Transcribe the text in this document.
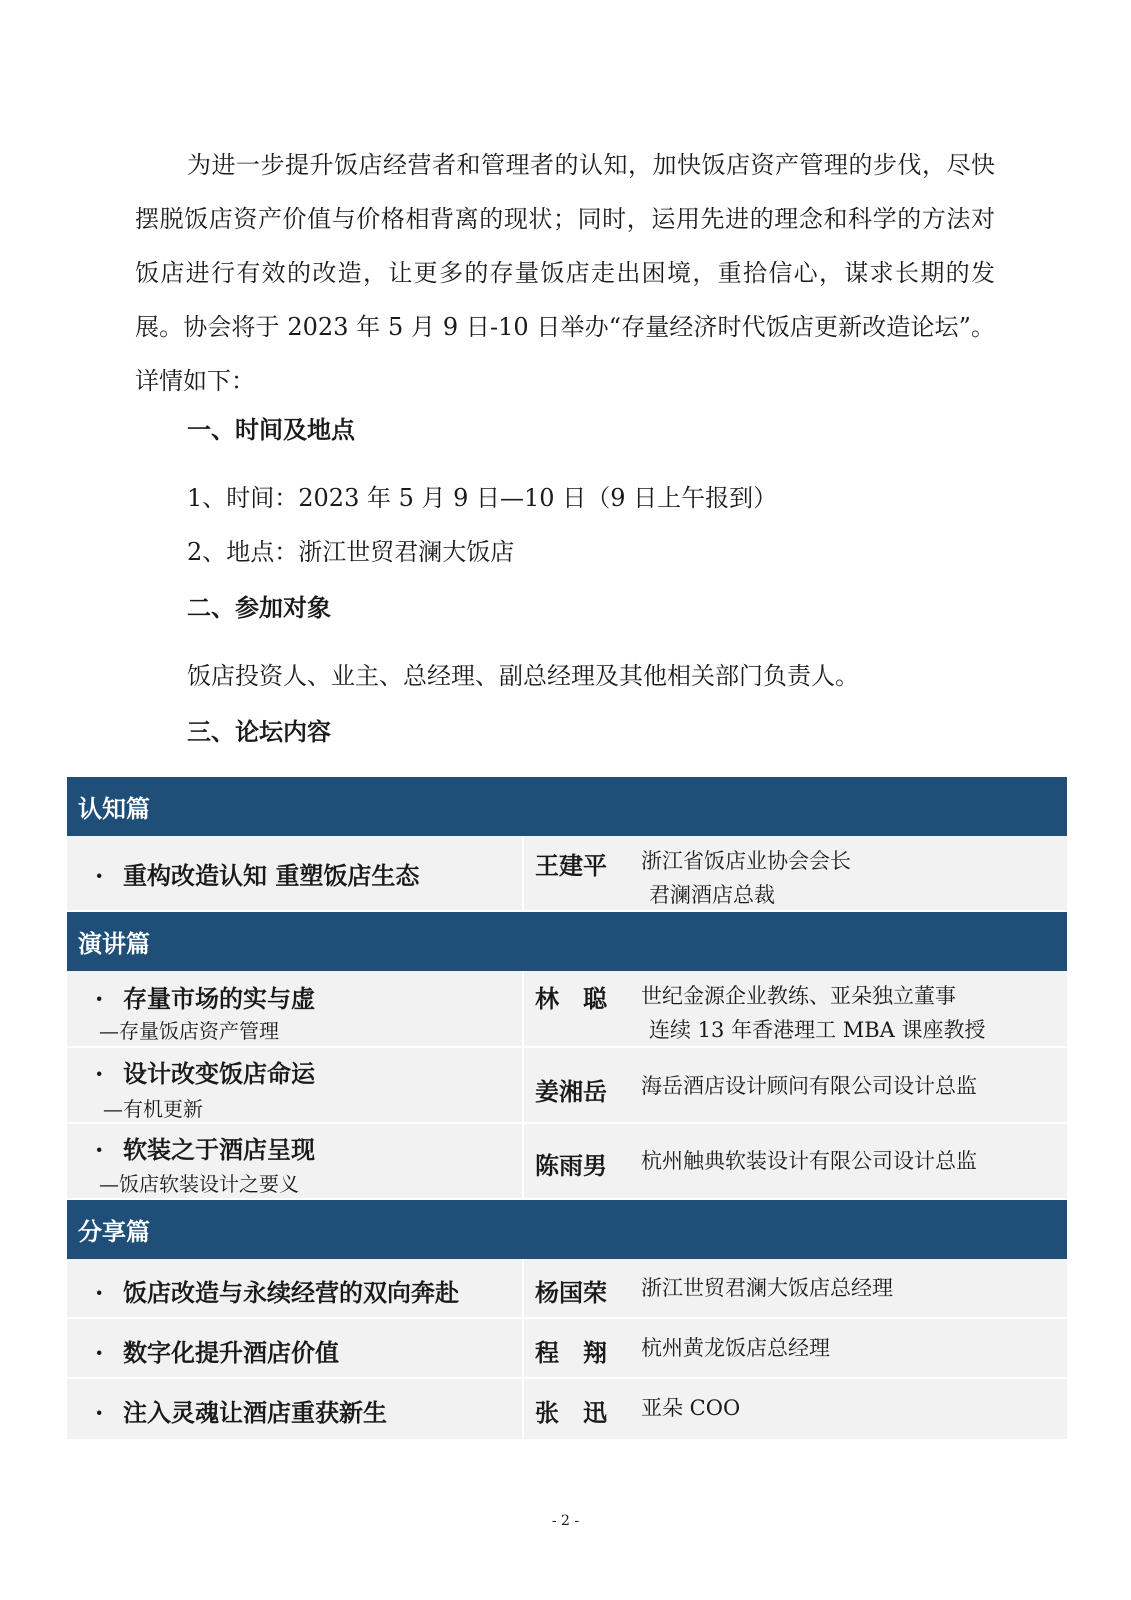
为进一步提升饭店经营者和管理者的认知，加快饭店资产管理的步伐，尽快摆脱饭店资产价值与价格相背离的现状；同时，运用先进的理念和科学的方法对饭店进行有效的改造，让更多的存量饭店走出困境，重拾信心，谋求长期的发展。协会将于 2023 年 5 月 9 日-10 日举办“存量经济时代饭店更新改造论坛”。详情如下：

一、时间及地点

1、时间：2023 年 5 月 9 日—10 日（9 日上午报到）

2、地点：浙江世贸君澜大饭店

二、参加对象

饭店投资人、业主、总经理、副总经理及其他相关部门负责人。

三、论坛内容

认知篇
· 重构改造认知 重塑饭店生态	王建平 浙江省饭店业协会会长
君澜酒店总裁
演讲篇
· 存量市场的实与虚
—存量饭店资产管理
林　聪 世纪金源企业教练、亚朵独立董事
连续 13 年香港理工 MBA 课座教授
· 设计改变饭店命运
—有机更新
姜湘岳 海岳酒店设计顾问有限公司设计总监
· 软装之于酒店呈现
—饭店软装设计之要义
陈雨男 杭州触典软装设计有限公司设计总监
分享篇
· 饭店改造与永续经营的双向奔赴	杨国荣 浙江世贸君澜大饭店总经理
· 数字化提升酒店价值	程　翔 杭州黄龙饭店总经理
· 注入灵魂让酒店重获新生	张　迅 亚朵 COO
- 2 -
